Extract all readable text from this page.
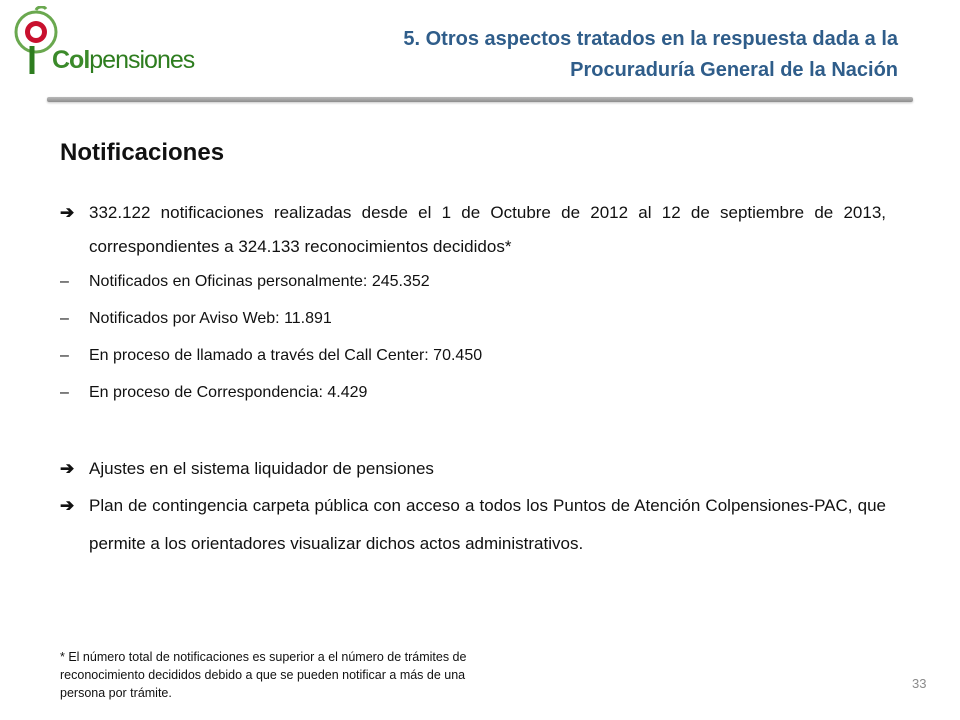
Colpensiones
5. Otros aspectos tratados en la respuesta dada a la
Procuraduría General de la Nación
Notificaciones
➔ 332.122 notificaciones realizadas desde el 1 de Octubre de 2012 al 12 de septiembre de 2013, correspondientes a 324.133 reconocimientos decididos*
– Notificados en Oficinas personalmente: 245.352
– Notificados por Aviso Web: 11.891
– En proceso de llamado a través del Call Center: 70.450
– En proceso de Correspondencia: 4.429
➔ Ajustes en el sistema liquidador de pensiones
➔ Plan de contingencia carpeta pública con acceso a todos los Puntos de Atención Colpensiones-PAC, que permite a los orientadores visualizar dichos actos administrativos.
* El número total de notificaciones es superior a el número de trámites de reconocimiento decididos debido a que se pueden notificar a más de una persona por trámite.
33
